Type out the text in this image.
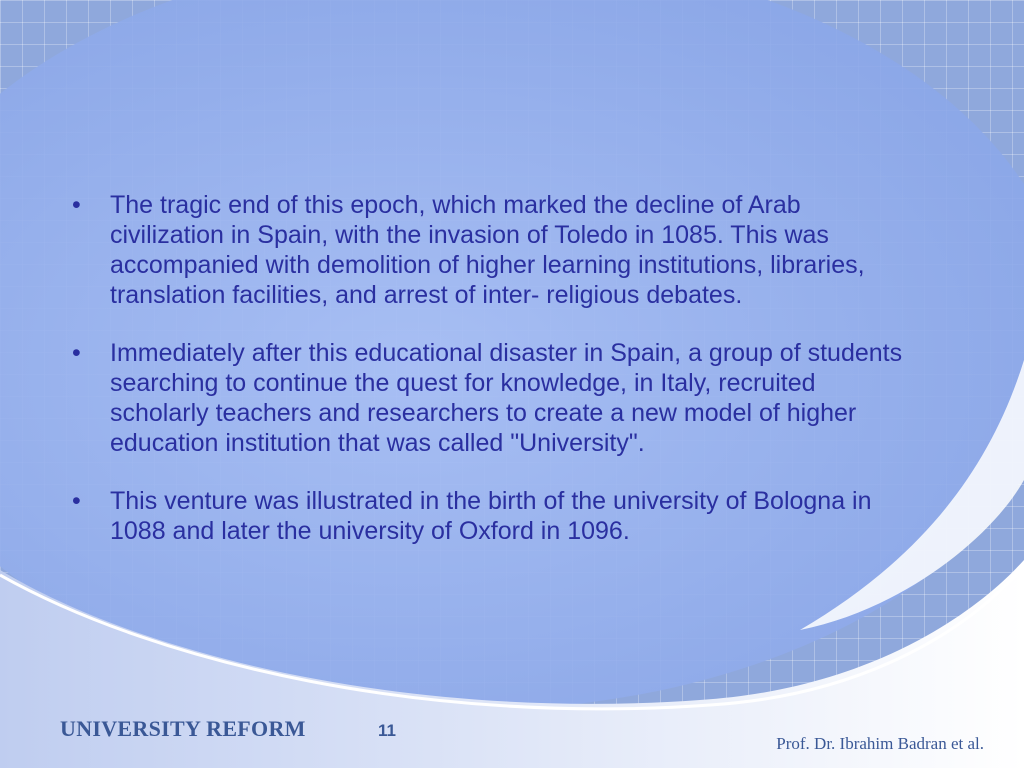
• The tragic end of this epoch, which marked the decline of Arab civilization in Spain, with the invasion of Toledo in 1085. This was accompanied with demolition of higher learning institutions, libraries, translation facilities, and arrest of inter- religious debates.
• Immediately after this educational disaster in Spain, a group of students searching to continue the quest for knowledge, in Italy, recruited scholarly teachers and researchers to create a new model of higher education institution that was called "University".
• This venture was illustrated in the birth of the university of Bologna in 1088 and later the university of Oxford in 1096.
UNIVERSITY REFORM	11
Prof. Dr. Ibrahim Badran et al.
